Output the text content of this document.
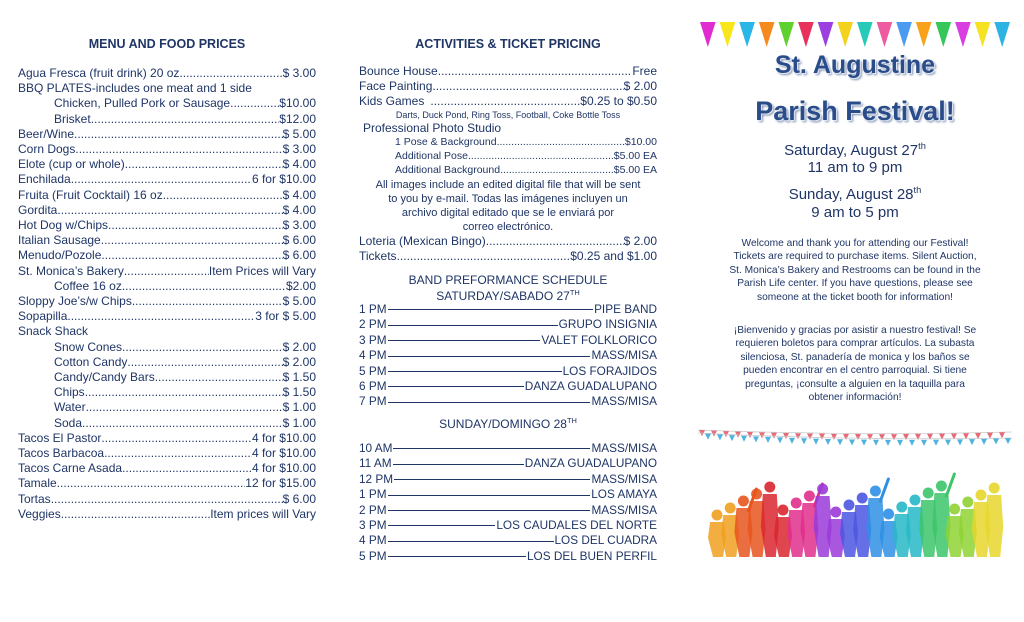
MENU AND FOOD PRICES
Agua Fresca (fruit drink) 20 oz .....	$ 3.00
BBQ PLATES-includes one meat and 1 side
Chicken, Pulled Pork or Sausage .....	$10.00
Brisket .....	$12.00
Beer/Wine .....	$ 5.00
Corn Dogs .....	$ 3.00
Elote (cup or whole) .....	$ 4.00
Enchilada .....	6 for $10.00
Fruita (Fruit Cocktail) 16 oz .....	$ 4.00
Gordita .....	$ 4.00
Hot Dog w/Chips .....	$ 3.00
Italian Sausage .....	$ 6.00
Menudo/Pozole .....	$ 6.00
St. Monica’s Bakery .....	Item Prices will Vary
Coffee 16 oz .....	$2.00
Sloppy Joe’s/w Chips .....	$ 5.00
Sopapilla .....	3 for $ 5.00
Snack Shack
Snow Cones .....	$ 2.00
Cotton Candy .....	$ 2.00
Candy/Candy Bars .....	$ 1.50
Chips .....	$ 1.50
Water .....	$ 1.00
Soda .....	$ 1.00
Tacos El Pastor .....	4 for $10.00
Tacos Barbacoa .....	4 for $10.00
Tacos Carne Asada .....	4 for $10.00
Tamale .....	12 for $15.00
Tortas .....	$ 6.00
Veggies .....	Item prices will Vary
ACTIVITIES & TICKET PRICING
Bounce House .....	Free
Face Painting .....	$ 2.00
Kids Games .....	$0.25 to $0.50
Darts, Duck Pond, Ring Toss, Football, Coke Bottle Toss
Professional Photo Studio
1 Pose & Background .....	$10.00
Additional Pose .....	$5.00 EA
Additional Background .....	$5.00 EA
All images include an edited digital file that will be sent
to you by e-mail. Todas las imágenes incluyen un
archivo digital editado que se le enviará por
correo electrónico.
Loteria (Mexican Bingo) .....	$ 2.00
Tickets .....	$0.25 and $1.00
BAND PREFORMANCE SCHEDULE
SATURDAY/SABADO 27TH
1 PM	PIPE BAND
2 PM	GRUPO INSIGNIA
3 PM	VALET FOLKLORICO
4 PM	MASS/MISA
5 PM	LOS FORAJIDOS
6 PM	DANZA GUADALUPANO
7 PM	MASS/MISA
SUNDAY/DOMINGO 28TH
10 AM	MASS/MISA
11 AM	DANZA GUADALUPANO
12 PM	MASS/MISA
1 PM	LOS AMAYA
2 PM	MASS/MISA
3 PM	LOS CAUDALES DEL NORTE
4 PM	LOS DEL CUADRA
5 PM	LOS DEL BUEN PERFIL
St. Augustine
Parish Festival!
Saturday, August 27th
11 am to 9 pm
Sunday, August 28th
9 am to 5 pm
Welcome and thank you for attending our Festival!
Tickets are required to purchase items. Silent Auction,
St. Monica’s Bakery and Restrooms can be found in the
Parish Life center. If you have questions, please see
someone at the ticket booth for information!
¡Bienvenido y gracias por asistir a nuestro festival! Se
requieren boletos para comprar artículos. La subasta
silenciosa, St. panadería de monica y los baños se
pueden encontrar en el centro parroquial. Si tiene
preguntas, ¡consulte a alguien en la taquilla para
obtener información!
